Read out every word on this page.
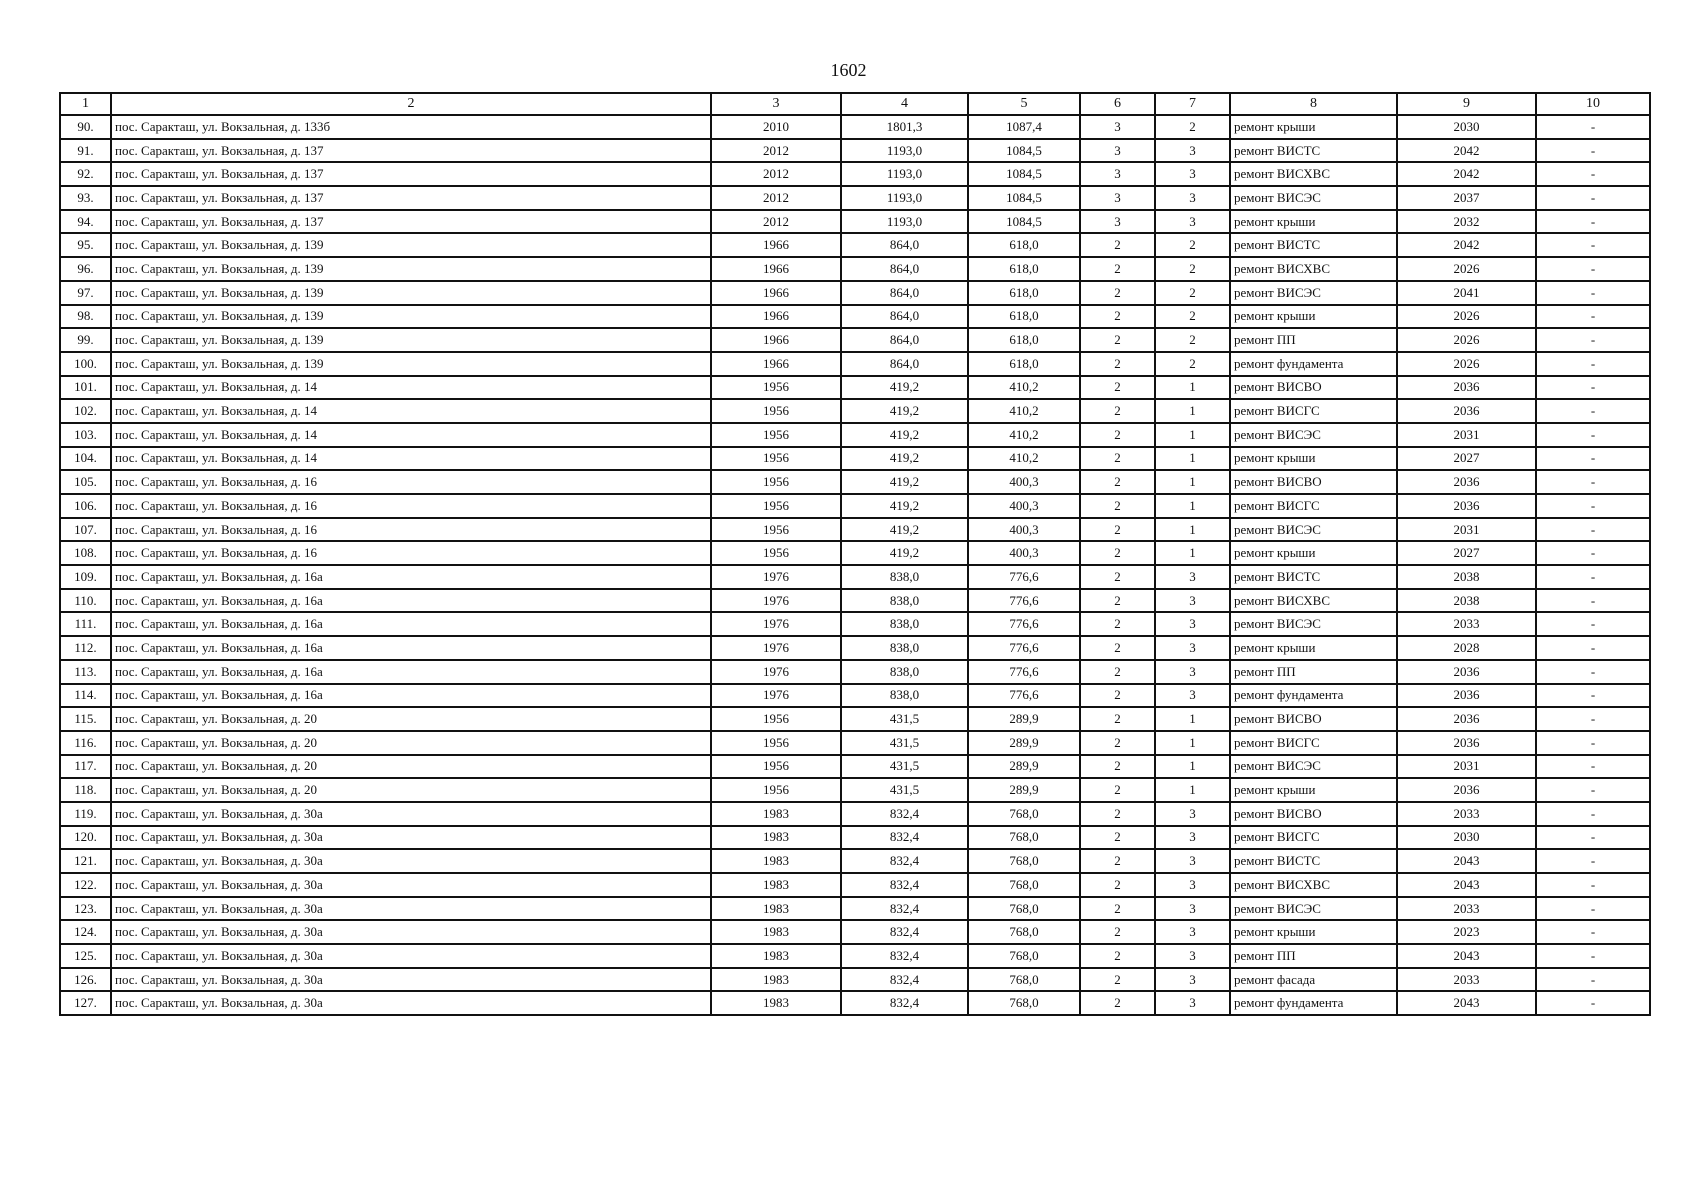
1602
1	2	3	4	5	6	7	8	9	10
90.	пос. Саракташ, ул. Вокзальная, д. 133б	2010	1801,3	1087,4	3	2	ремонт крыши	2030	-
91.	пос. Саракташ, ул. Вокзальная, д. 137	2012	1193,0	1084,5	3	3	ремонт ВИСТС	2042	-
92.	пос. Саракташ, ул. Вокзальная, д. 137	2012	1193,0	1084,5	3	3	ремонт ВИСХВС	2042	-
93.	пос. Саракташ, ул. Вокзальная, д. 137	2012	1193,0	1084,5	3	3	ремонт ВИСЭС	2037	-
94.	пос. Саракташ, ул. Вокзальная, д. 137	2012	1193,0	1084,5	3	3	ремонт крыши	2032	-
95.	пос. Саракташ, ул. Вокзальная, д. 139	1966	864,0	618,0	2	2	ремонт ВИСТС	2042	-
96.	пос. Саракташ, ул. Вокзальная, д. 139	1966	864,0	618,0	2	2	ремонт ВИСХВС	2026	-
97.	пос. Саракташ, ул. Вокзальная, д. 139	1966	864,0	618,0	2	2	ремонт ВИСЭС	2041	-
98.	пос. Саракташ, ул. Вокзальная, д. 139	1966	864,0	618,0	2	2	ремонт крыши	2026	-
99.	пос. Саракташ, ул. Вокзальная, д. 139	1966	864,0	618,0	2	2	ремонт ПП	2026	-
100.	пос. Саракташ, ул. Вокзальная, д. 139	1966	864,0	618,0	2	2	ремонт фундамента	2026	-
101.	пос. Саракташ, ул. Вокзальная, д. 14	1956	419,2	410,2	2	1	ремонт ВИСВО	2036	-
102.	пос. Саракташ, ул. Вокзальная, д. 14	1956	419,2	410,2	2	1	ремонт ВИСГС	2036	-
103.	пос. Саракташ, ул. Вокзальная, д. 14	1956	419,2	410,2	2	1	ремонт ВИСЭС	2031	-
104.	пос. Саракташ, ул. Вокзальная, д. 14	1956	419,2	410,2	2	1	ремонт крыши	2027	-
105.	пос. Саракташ, ул. Вокзальная, д. 16	1956	419,2	400,3	2	1	ремонт ВИСВО	2036	-
106.	пос. Саракташ, ул. Вокзальная, д. 16	1956	419,2	400,3	2	1	ремонт ВИСГС	2036	-
107.	пос. Саракташ, ул. Вокзальная, д. 16	1956	419,2	400,3	2	1	ремонт ВИСЭС	2031	-
108.	пос. Саракташ, ул. Вокзальная, д. 16	1956	419,2	400,3	2	1	ремонт крыши	2027	-
109.	пос. Саракташ, ул. Вокзальная, д. 16а	1976	838,0	776,6	2	3	ремонт ВИСТС	2038	-
110.	пос. Саракташ, ул. Вокзальная, д. 16а	1976	838,0	776,6	2	3	ремонт ВИСХВС	2038	-
111.	пос. Саракташ, ул. Вокзальная, д. 16а	1976	838,0	776,6	2	3	ремонт ВИСЭС	2033	-
112.	пос. Саракташ, ул. Вокзальная, д. 16а	1976	838,0	776,6	2	3	ремонт крыши	2028	-
113.	пос. Саракташ, ул. Вокзальная, д. 16а	1976	838,0	776,6	2	3	ремонт ПП	2036	-
114.	пос. Саракташ, ул. Вокзальная, д. 16а	1976	838,0	776,6	2	3	ремонт фундамента	2036	-
115.	пос. Саракташ, ул. Вокзальная, д. 20	1956	431,5	289,9	2	1	ремонт ВИСВО	2036	-
116.	пос. Саракташ, ул. Вокзальная, д. 20	1956	431,5	289,9	2	1	ремонт ВИСГС	2036	-
117.	пос. Саракташ, ул. Вокзальная, д. 20	1956	431,5	289,9	2	1	ремонт ВИСЭС	2031	-
118.	пос. Саракташ, ул. Вокзальная, д. 20	1956	431,5	289,9	2	1	ремонт крыши	2036	-
119.	пос. Саракташ, ул. Вокзальная, д. 30а	1983	832,4	768,0	2	3	ремонт ВИСВО	2033	-
120.	пос. Саракташ, ул. Вокзальная, д. 30а	1983	832,4	768,0	2	3	ремонт ВИСГС	2030	-
121.	пос. Саракташ, ул. Вокзальная, д. 30а	1983	832,4	768,0	2	3	ремонт ВИСТС	2043	-
122.	пос. Саракташ, ул. Вокзальная, д. 30а	1983	832,4	768,0	2	3	ремонт ВИСХВС	2043	-
123.	пос. Саракташ, ул. Вокзальная, д. 30а	1983	832,4	768,0	2	3	ремонт ВИСЭС	2033	-
124.	пос. Саракташ, ул. Вокзальная, д. 30а	1983	832,4	768,0	2	3	ремонт крыши	2023	-
125.	пос. Саракташ, ул. Вокзальная, д. 30а	1983	832,4	768,0	2	3	ремонт ПП	2043	-
126.	пос. Саракташ, ул. Вокзальная, д. 30а	1983	832,4	768,0	2	3	ремонт фасада	2033	-
127.	пос. Саракташ, ул. Вокзальная, д. 30а	1983	832,4	768,0	2	3	ремонт фундамента	2043	-
